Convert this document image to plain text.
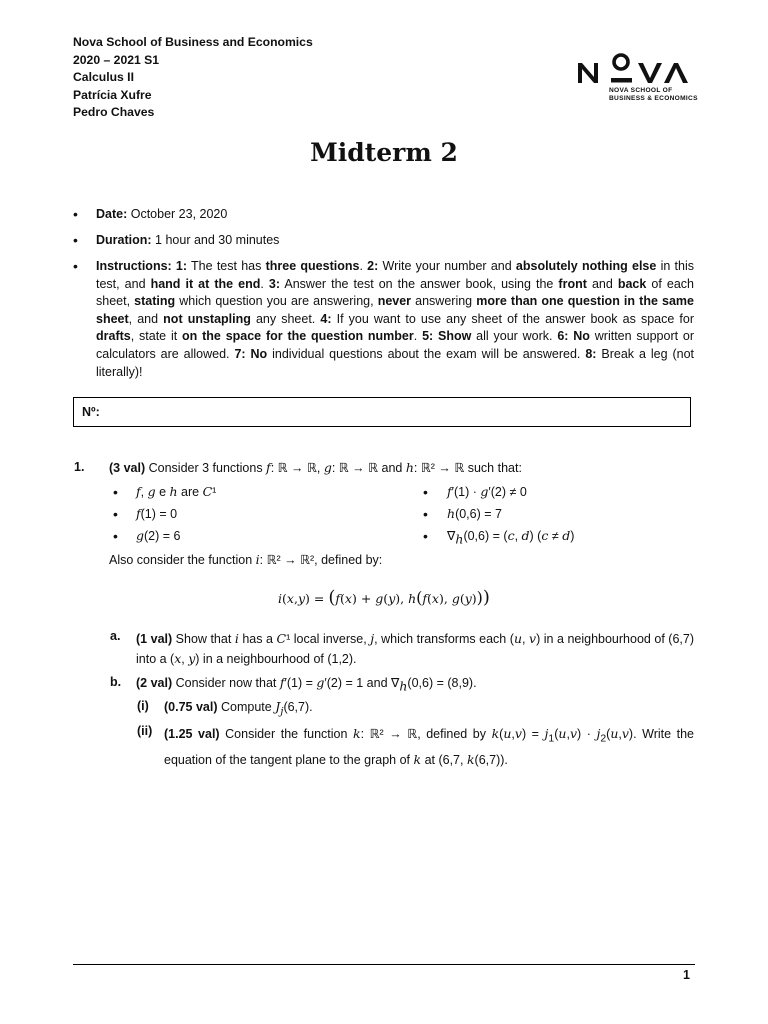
Nova School of Business and Economics
2020 – 2021 S1
Calculus II
Patrícia Xufre
Pedro Chaves
NOVA SCHOOL OF
BUSINESS & ECONOMICS
Midterm 2
• Date: October 23, 2020
• Duration: 1 hour and 30 minutes
• Instructions: 1: The test has three questions. 2: Write your number and absolutely nothing else in this test, and hand it at the end. 3: Answer the test on the answer book, using the front and back of each sheet, stating which question you are answering, never answering more than one question in the same sheet, and not unstapling any sheet. 4: If you want to use any sheet of the answer book as space for drafts, state it on the space for the question number. 5: Show all your work. 6: No written support or calculators are allowed. 7: No individual questions about the exam will be answered. 8: Break a leg (not literally)!
Nº:
1. (3 val) Consider 3 functions f: ℝ → ℝ, g: ℝ → ℝ and h: ℝ² → ℝ such that:
• f, g e h are C¹
• f(1) = 0
• g(2) = 6
• f′(1) · g′(2) ≠ 0
• h(0,6) = 7
• $\nabla_h(0,6) = (c$, d) (c ≠ d)
Also consider the function i: ℝ² → ℝ², defined by:
i(x,y) = (f(x) + g(y), h(f(x), g(y)))
a. (1 val) Show that i has a C¹ local inverse, j, which transforms each (u, v) in a neighbourhood of (6,7) into a (x, y) in a neighbourhood of (1,2).
b. (2 val) Consider now that f′(1) = g′(2) = 1 and $\nabla_h(0,6) = (8,9)$.
(i) (0.75 val) Compute $J_j(6,7)$.
(ii) (1.25 val) Consider the function k: ℝ² → ℝ, defined by $k(u,v) = j_1(u,v) \cdot j_2(u,v)$. Write the equation of the tangent plane to the graph of k at (6,7, k(6,7)).
1
